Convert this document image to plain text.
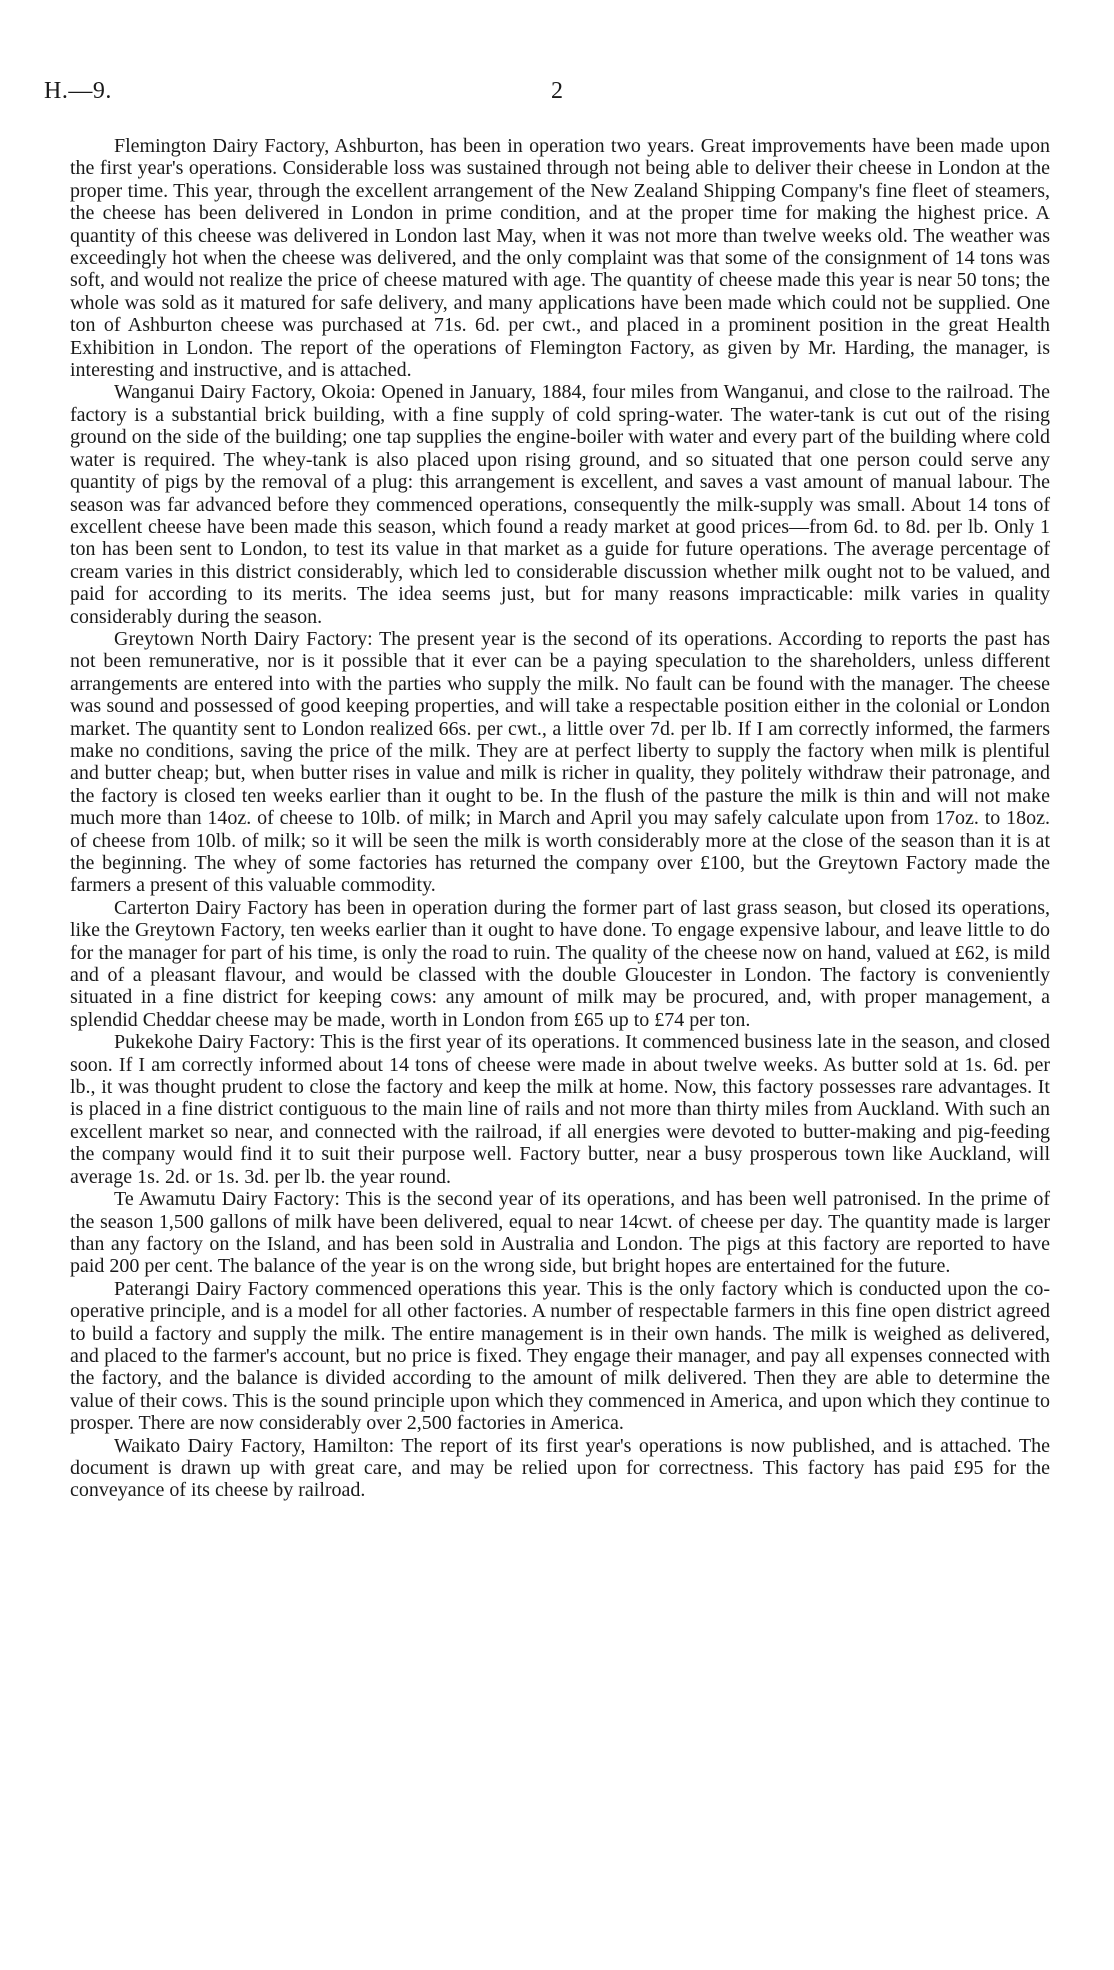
H.—9.	2

Flemington Dairy Factory, Ashburton, has been in operation two years. Great improvements have been made upon the first year's operations. Considerable loss was sustained through not being able to deliver their cheese in London at the proper time. This year, through the excellent arrangement of the New Zealand Shipping Company's fine fleet of steamers, the cheese has been delivered in London in prime condition, and at the proper time for making the highest price. A quantity of this cheese was delivered in London last May, when it was not more than twelve weeks old. The weather was exceedingly hot when the cheese was delivered, and the only complaint was that some of the consignment of 14 tons was soft, and would not realize the price of cheese matured with age. The quantity of cheese made this year is near 50 tons; the whole was sold as it matured for safe delivery, and many applications have been made which could not be supplied. One ton of Ashburton cheese was purchased at 71s. 6d. per cwt., and placed in a prominent position in the great Health Exhibition in London. The report of the operations of Flemington Factory, as given by Mr. Harding, the manager, is interesting and instructive, and is attached.

Wanganui Dairy Factory, Okoia: Opened in January, 1884, four miles from Wanganui, and close to the railroad. The factory is a substantial brick building, with a fine supply of cold spring-water. The water-tank is cut out of the rising ground on the side of the building; one tap supplies the engine-boiler with water and every part of the building where cold water is required. The whey-tank is also placed upon rising ground, and so situated that one person could serve any quantity of pigs by the removal of a plug: this arrangement is excellent, and saves a vast amount of manual labour. The season was far advanced before they commenced operations, consequently the milk-supply was small. About 14 tons of excellent cheese have been made this season, which found a ready market at good prices—from 6d. to 8d. per lb. Only 1 ton has been sent to London, to test its value in that market as a guide for future operations. The average percentage of cream varies in this district considerably, which led to considerable discussion whether milk ought not to be valued, and paid for according to its merits. The idea seems just, but for many reasons impracticable: milk varies in quality considerably during the season.

Greytown North Dairy Factory: The present year is the second of its operations. According to reports the past has not been remunerative, nor is it possible that it ever can be a paying speculation to the shareholders, unless different arrangements are entered into with the parties who supply the milk. No fault can be found with the manager. The cheese was sound and possessed of good keeping properties, and will take a respectable position either in the colonial or London market. The quantity sent to London realized 66s. per cwt., a little over 7d. per lb. If I am correctly informed, the farmers make no conditions, saving the price of the milk. They are at perfect liberty to supply the factory when milk is plentiful and butter cheap; but, when butter rises in value and milk is richer in quality, they politely withdraw their patronage, and the factory is closed ten weeks earlier than it ought to be. In the flush of the pasture the milk is thin and will not make much more than 14oz. of cheese to 10lb. of milk; in March and April you may safely calculate upon from 17oz. to 18oz. of cheese from 10lb. of milk; so it will be seen the milk is worth considerably more at the close of the season than it is at the beginning. The whey of some factories has returned the company over £100, but the Greytown Factory made the farmers a present of this valuable commodity.

Carterton Dairy Factory has been in operation during the former part of last grass season, but closed its operations, like the Greytown Factory, ten weeks earlier than it ought to have done. To engage expensive labour, and leave little to do for the manager for part of his time, is only the road to ruin. The quality of the cheese now on hand, valued at £62, is mild and of a pleasant flavour, and would be classed with the double Gloucester in London. The factory is conveniently situated in a fine district for keeping cows: any amount of milk may be procured, and, with proper management, a splendid Cheddar cheese may be made, worth in London from £65 up to £74 per ton.

Pukekohe Dairy Factory: This is the first year of its operations. It commenced business late in the season, and closed soon. If I am correctly informed about 14 tons of cheese were made in about twelve weeks. As butter sold at 1s. 6d. per lb., it was thought prudent to close the factory and keep the milk at home. Now, this factory possesses rare advantages. It is placed in a fine district contiguous to the main line of rails and not more than thirty miles from Auckland. With such an excellent market so near, and connected with the railroad, if all energies were devoted to butter-making and pig-feeding the company would find it to suit their purpose well. Factory butter, near a busy prosperous town like Auckland, will average 1s. 2d. or 1s. 3d. per lb. the year round.

Te Awamutu Dairy Factory: This is the second year of its operations, and has been well patronised. In the prime of the season 1,500 gallons of milk have been delivered, equal to near 14cwt. of cheese per day. The quantity made is larger than any factory on the Island, and has been sold in Australia and London. The pigs at this factory are reported to have paid 200 per cent. The balance of the year is on the wrong side, but bright hopes are entertained for the future.

Paterangi Dairy Factory commenced operations this year. This is the only factory which is conducted upon the co-operative principle, and is a model for all other factories. A number of respectable farmers in this fine open district agreed to build a factory and supply the milk. The entire management is in their own hands. The milk is weighed as delivered, and placed to the farmer's account, but no price is fixed. They engage their manager, and pay all expenses connected with the factory, and the balance is divided according to the amount of milk delivered. Then they are able to determine the value of their cows. This is the sound principle upon which they commenced in America, and upon which they continue to prosper. There are now considerably over 2,500 factories in America.

Waikato Dairy Factory, Hamilton: The report of its first year's operations is now published, and is attached. The document is drawn up with great care, and may be relied upon for correctness. This factory has paid £95 for the conveyance of its cheese by railroad.
